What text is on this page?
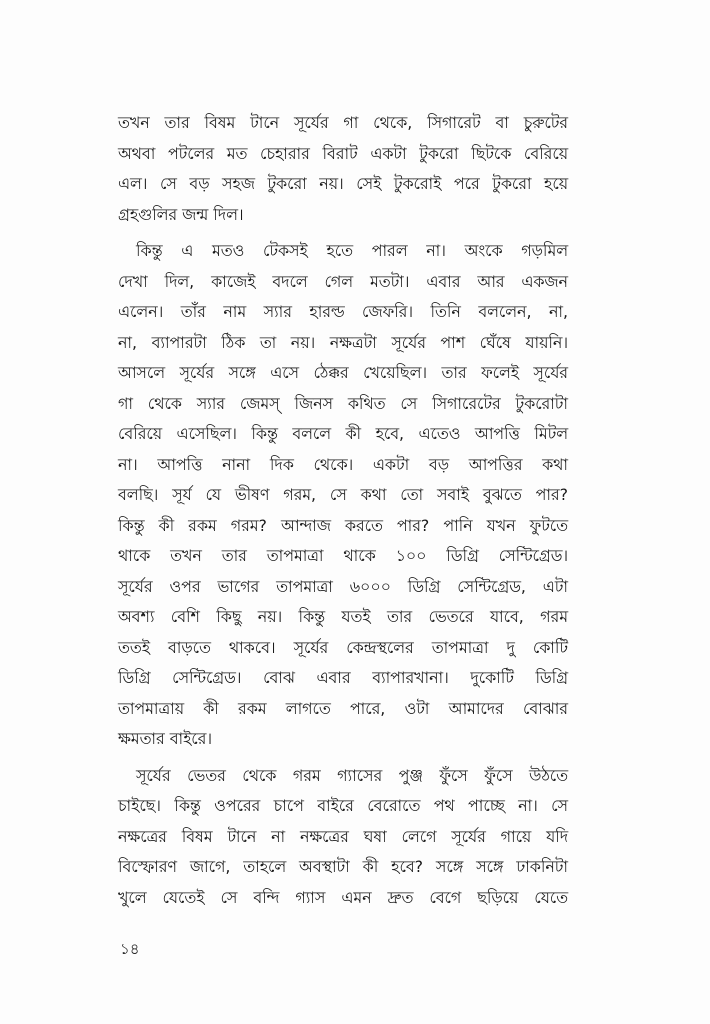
তখন তার বিষম টানে সূর্যের গা থেকে, সিগারেট বা চুরুটের
অথবা পটলের মত চেহারার বিরাট একটা টুকরো ছিটকে বেরিয়ে
এল। সে বড় সহজ টুকরো নয়। সেই টুকরোই পরে টুকরো হয়ে
গ্রহগুলির জন্ম দিল।
কিন্তু এ মতও টেকসই হতে পারল না। অংকে গড়মিল
দেখা দিল, কাজেই বদলে গেল মতটা। এবার আর একজন
এলেন। তাঁর নাম স্যার হারল্ড জেফরি। তিনি বললেন, না,
না, ব্যাপারটা ঠিক তা নয়। নক্ষত্রটা সূর্যের পাশ ঘেঁষে যায়নি।
আসলে সূর্যের সঙ্গে এসে ঠেক্কর খেয়েছিল। তার ফলেই সূর্যের
গা থেকে স্যার জেমস্ জিনস কথিত সে সিগারেটের টুকরোটা
বেরিয়ে এসেছিল। কিন্তু বললে কী হবে, এতেও আপত্তি মিটল
না। আপত্তি নানা দিক থেকে। একটা বড় আপত্তির কথা
বলছি। সূর্য যে ভীষণ গরম, সে কথা তো সবাই বুঝতে পার?
কিন্তু কী রকম গরম? আন্দাজ করতে পার? পানি যখন ফুটতে
থাকে তখন তার তাপমাত্রা থাকে ১০০ ডিগ্রি সেন্টিগ্রেড।
সূর্যের ওপর ভাগের তাপমাত্রা ৬০০০ ডিগ্রি সেন্টিগ্রেড, এটা
অবশ্য বেশি কিছু নয়। কিন্তু যতই তার ভেতরে যাবে, গরম
ততই বাড়তে থাকবে। সূর্যের কেন্দ্রস্থলের তাপমাত্রা দু কোটি
ডিগ্রি সেন্টিগ্রেড। বোঝ এবার ব্যাপারখানা। দুকোটি ডিগ্রি
তাপমাত্রায় কী রকম লাগতে পারে, ওটা আমাদের বোঝার
ক্ষমতার বাইরে।
সূর্যের ভেতর থেকে গরম গ্যাসের পুঞ্জ ফুঁসে ফুঁসে উঠতে
চাইছে। কিন্তু ওপরের চাপে বাইরে বেরোতে পথ পাচ্ছে না। সে
নক্ষত্রের বিষম টানে না নক্ষত্রের ঘষা লেগে সূর্যের গায়ে যদি
বিস্ফোরণ জাগে, তাহলে অবস্থাটা কী হবে? সঙ্গে সঙ্গে ঢাকনিটা
খুলে যেতেই সে বন্দি গ্যাস এমন দ্রুত বেগে ছড়িয়ে যেতে
১৪
